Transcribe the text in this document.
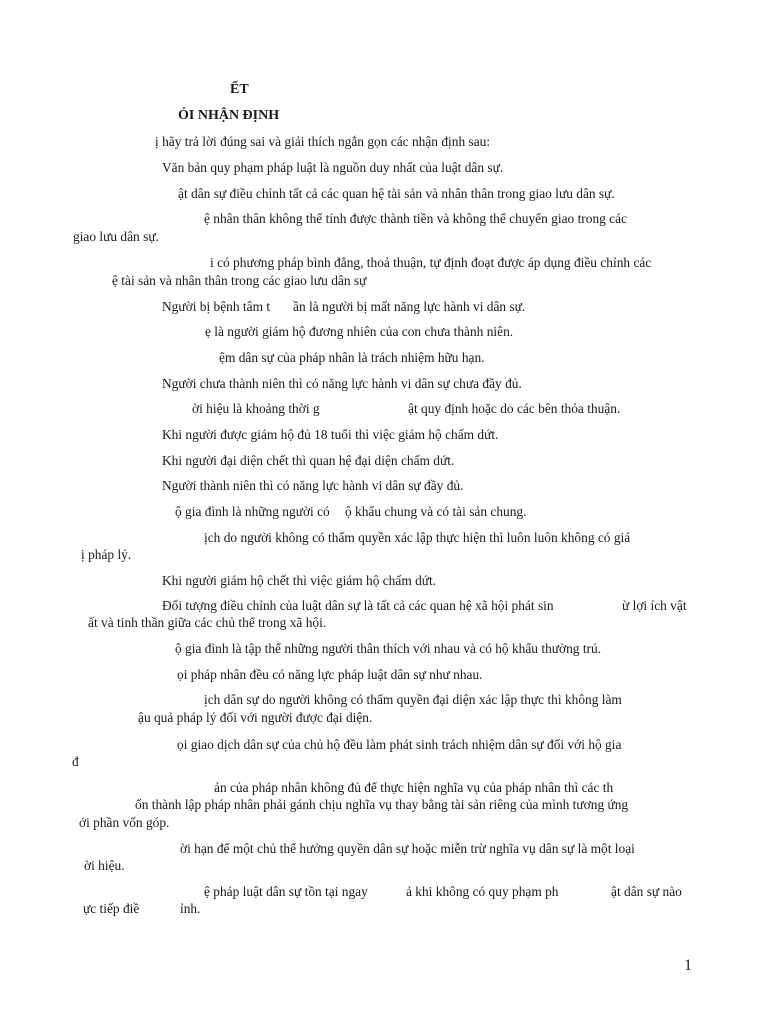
ẾT

ỎI NHẬN ĐỊNH

ị hãy trả lời đúng sai và giải thích ngắn gọn các nhận định sau:

Văn bản quy phạm pháp luật là nguồn duy nhất của luật dân sự.

ật dân sự điều chỉnh tất cả các quan hệ tài sản và nhân thân trong giao lưu dân sự.

ệ nhân thân không thể tính được thành tiền và không thể chuyển giao trong các

giao lưu dân sự.

i có phương pháp bình đẳng, thoả thuận, tự định đoạt được áp dụng điều chỉnh các

ệ tài sản và nhân thân trong các giao lưu dân sự

Người bị bệnh tâm t ần là người bị mất năng lực hành vi dân sự.

ẹ là người giám hộ đương nhiên của con chưa thành niên.

ệm dân sự của pháp nhân là trách nhiệm hữu hạn.

Người chưa thành niên thì có năng lực hành vi dân sự chưa đầy đủ.

ời hiệu là khoảng thời g	ật quy định hoặc do các bên thỏa thuận.

Khi người được giám hộ đủ 18 tuổi thì việc giám hộ chấm dứt.

Khi người đại diện chết thì quan hệ đại diện chấm dứt.

Người thành niên thì có năng lực hành vi dân sự đầy đủ.

ộ gia đình là những người có ộ khẩu chung và có tài sản chung.

ịch do người không có thẩm quyền xác lập thực hiện thì luôn luôn không có giá

ị pháp lý.

Khi người giám hộ chết thì việc giám hộ chấm dứt.

Đối tượng điều chỉnh của luật dân sự là tất cả các quan hệ xã hội phát sin	ừ lợi ích vật

ất và tinh thần giữa các chủ thể trong xã hội.

ộ gia đình là tập thể những người thân thích với nhau và có hộ khẩu thường trú.

ọi pháp nhân đều có năng lực pháp luật dân sự như nhau.

ịch dân sự do người không có thẩm quyền đại diện xác lập thực thì không làm

ậu quả pháp lý đối với người được đại diện.

ọi giao dịch dân sự của chủ hộ đều làm phát sinh trách nhiệm dân sự đối với hộ gia

đ

ản của pháp nhân không đủ để thực hiện nghĩa vụ của pháp nhân thì các th

ốn thành lập pháp nhân phải gánh chịu nghĩa vụ thay bằng tài sản riêng của mình tương ứng

ới phần vốn góp.

ời hạn để một chủ thể hưởng quyền dân sự hoặc miễn trừ nghĩa vụ dân sự là một loại

ời hiệu.

ệ pháp luật dân sự tồn tại ngay	ả khi không có quy phạm ph	ật dân sự nào

ực tiếp điề	ỉnh.

1
